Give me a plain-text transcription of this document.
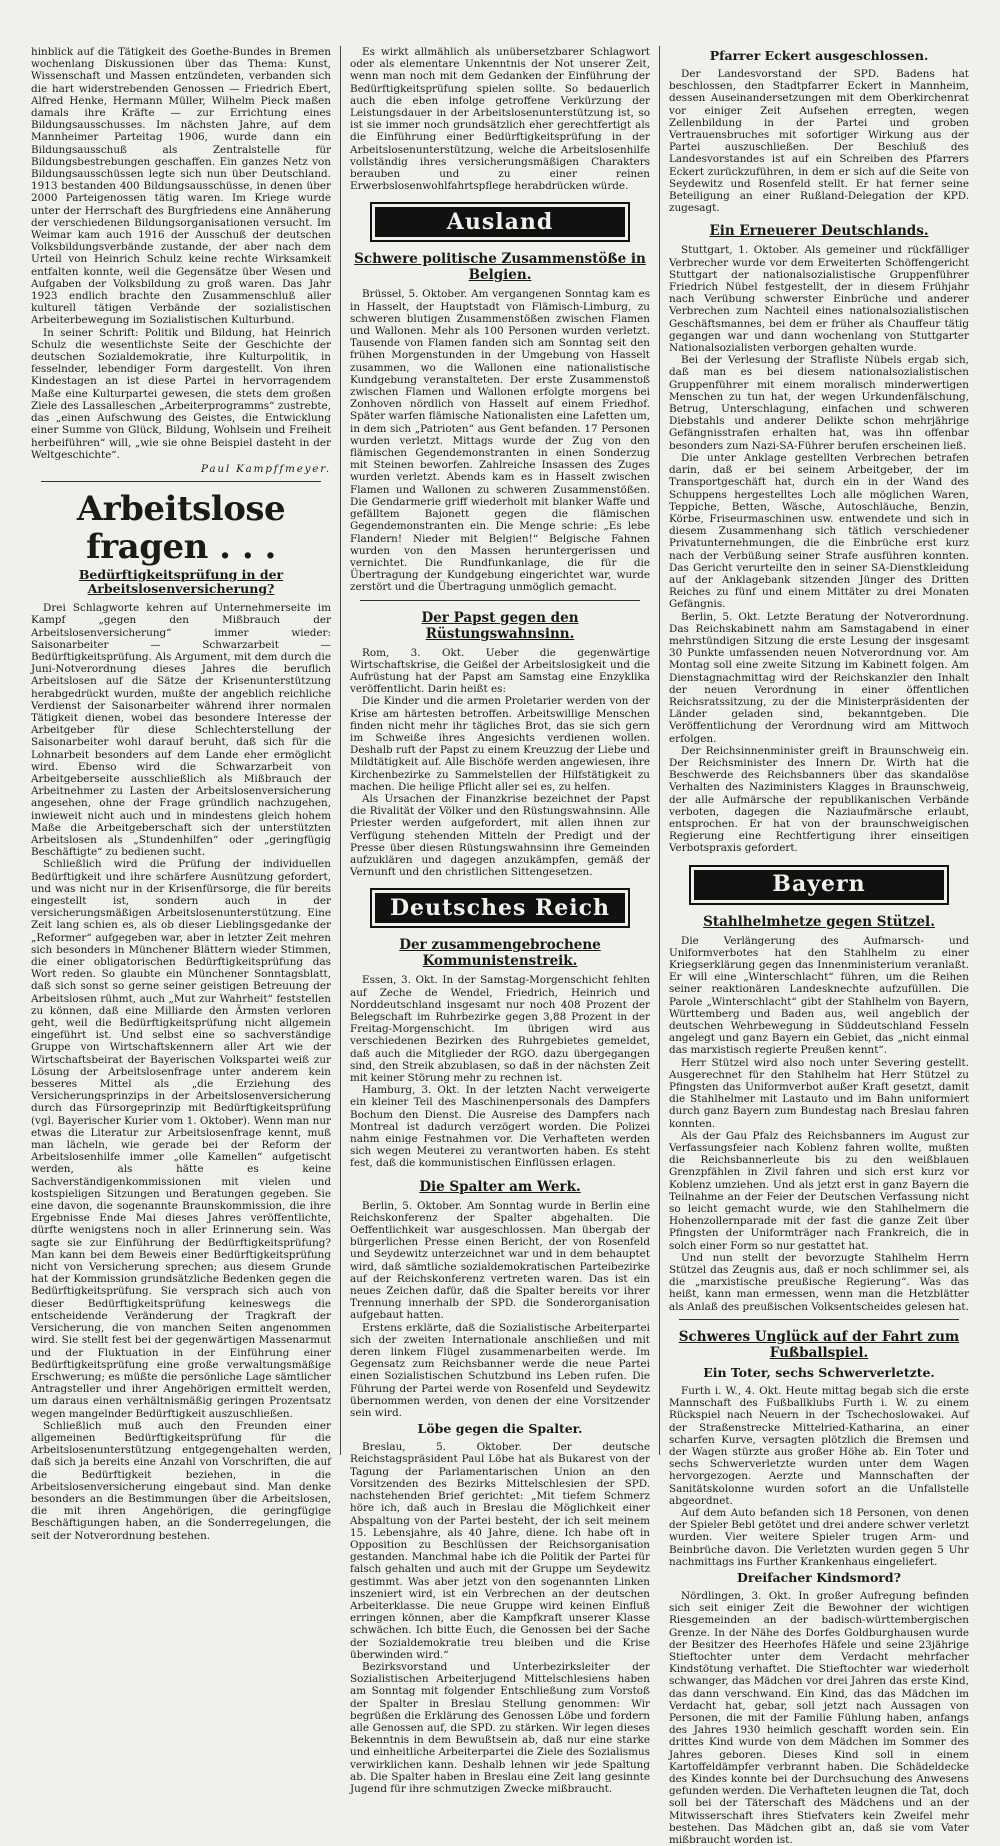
hinblick auf die Tätigkeit des Goethe-Bundes in Bremen wochenlang Diskussionen über das Thema: Kunst, Wissenschaft und Massen entzündeten, verbanden sich die hart widerstrebenden Genossen — Friedrich Ebert, Alfred Henke, Hermann Müller, Wilhelm Pieck maßen damals ihre Kräfte — zur Errichtung eines Bildungsausschusses. Im nächsten Jahre, auf dem Mannheimer Parteitag 1906, wurde dann ein Bildungsausschuß als Zentralstelle für Bildungsbestrebungen geschaffen. Ein ganzes Netz von Bildungsausschüssen legte sich nun über Deutschland. 1913 bestanden 400 Bildungsausschüsse, in denen über 2000 Parteigenossen tätig waren. Im Kriege wurde unter der Herrschaft des Burgfriedens eine Annäherung der verschiedenen Bildungsorganisationen versucht. Im Weimar kam auch 1916 der Ausschuß der deutschen Volksbildungsverbände zustande, der aber nach dem Urteil von Heinrich Schulz keine rechte Wirksamkeit entfalten konnte, weil die Gegensätze über Wesen und Aufgaben der Volksbildung zu groß waren. Das Jahr 1923 endlich brachte den Zusammenschluß aller kulturell tätigen Verbände der sozialistischen Arbeiterbewegung im Sozialistischen Kulturbund.

In seiner Schrift: Politik und Bildung, hat Heinrich Schulz die wesentlichste Seite der Geschichte der deutschen Sozialdemokratie, ihre Kulturpolitik, in fesselnder, lebendiger Form dargestellt. Von ihren Kindestagen an ist diese Partei in hervorragendem Maße eine Kulturpartei gewesen, die stets dem großen Ziele des Lassalleschen „Arbeiterprogramms“ zustrebte, das „einen Aufschwung des Geistes, die Entwicklung einer Summe von Glück, Bildung, Wohlsein und Freiheit herbeiführen“ will, „wie sie ohne Beispiel dasteht in der Weltgeschichte“.

Paul Kampffmeyer.
Arbeitslose fragen . . .
Bedürftigkeitsprüfung in der Arbeitslosenversicherung?

Drei Schlagworte kehren auf Unternehmerseite im Kampf „gegen den Mißbrauch der Arbeitslosenversicherung“ immer wieder: Saisonarbeiter — Schwarzarbeit — Bedürftigkeitsprüfung. Als Argument, mit dem durch die Juni-Notverordnung dieses Jahres die beruflich Arbeitslosen auf die Sätze der Krisenunterstützung herabgedrückt wurden, mußte der angeblich reichliche Verdienst der Saisonarbeiter während ihrer normalen Tätigkeit dienen, wobei das besondere Interesse der Arbeitgeber für diese Schlechterstellung der Saisonarbeiter wohl darauf beruht, daß sich für die Lohnarbeit besonders auf dem Lande eher ermöglicht wird. Ebenso wird die Schwarzarbeit von Arbeitgeberseite ausschließlich als Mißbrauch der Arbeitnehmer zu Lasten der Arbeitslosenversicherung angesehen, ohne der Frage gründlich nachzugehen, inwieweit nicht auch und in mindestens gleich hohem Maße die Arbeitgeberschaft sich der unterstützten Arbeitslosen als „Stundenhilfen“ oder „geringfügig Beschäftigte“ zu bedienen sucht.

Schließlich wird die Prüfung der individuellen Bedürftigkeit und ihre schärfere Ausnützung gefordert, und was nicht nur in der Krisenfürsorge, die für bereits eingestellt ist, sondern auch in der versicherungsmäßigen Arbeitslosenunterstützung. Eine Zeit lang schien es, als ob dieser Lieblingsgedanke der „Reformer“ aufgegeben war, aber in letzter Zeit mehren sich besonders in Münchener Blättern wieder Stimmen, die einer obligatorischen Bedürftigkeitsprüfung das Wort reden. So glaubte ein Münchener Sonntagsblatt, daß sich sonst so gerne seiner geistigen Betreuung der Arbeitslosen rühmt, auch „Mut zur Wahrheit“ feststellen zu können, daß eine Milliarde den Ärmsten verloren geht, weil die Bedürftigkeitsprüfung nicht allgemein eingeführt ist. Und selbst eine so sachverständige Gruppe von Wirtschaftskennern aller Art wie der Wirtschaftsbeirat der Bayerischen Volkspartei weiß zur Lösung der Arbeitslosenfrage unter anderem kein besseres Mittel als „die Erziehung des Versicherungsprinzips in der Arbeitslosenversicherung durch das Fürsorgeprinzip mit Bedürftigkeitsprüfung (vgl. Bayerischer Kurier vom 1. Oktober). Wenn man nur etwas die Literatur zur Arbeitslosenfrage kennt, muß man lächeln, wie gerade bei der Reform der Arbeitslosenhilfe immer „olle Kamellen“ aufgetischt werden, als hätte es keine Sachverständigenkommissionen mit vielen und kostspieligen Sitzungen und Beratungen gegeben. Sie eine davon, die sogenannte Braunskommission, die ihre Ergebnisse Ende Mai dieses Jahres veröffentlichte, dürfte wenigstens noch in aller Erinnerung sein. Was sagte sie zur Einführung der Bedürftigkeitsprüfung? Man kann bei dem Beweis einer Bedürftigkeitsprüfung nicht von Versicherung sprechen; aus diesem Grunde hat der Kommission grundsätzliche Bedenken gegen die Bedürftigkeitsprüfung. Sie versprach sich auch von dieser Bedürftigkeitsprüfung keineswegs die entscheidende Veränderung der Tragkraft der Versicherung, die von manchen Seiten angenommen wird. Sie stellt fest bei der gegenwärtigen Massenarmut und der Fluktuation in der Einführung einer Bedürftigkeitsprüfung eine große verwaltungsmäßige Erschwerung; es müßte die persönliche Lage sämtlicher Antragsteller und ihrer Angehörigen ermittelt werden, um daraus einen verhältnismäßig geringen Prozentsatz wegen mangelnder Bedürftigkeit auszuschließen.

Schließlich muß auch den Freunden einer allgemeinen Bedürftigkeitsprüfung für die Arbeitslosenunterstützung entgegengehalten werden, daß sich ja bereits eine Anzahl von Vorschriften, die auf die Bedürftigkeit beziehen, in die Arbeitslosenversicherung eingebaut sind. Man denke besonders an die Bestimmungen über die Arbeitslosen, die mit ihren Angehörigen, die geringfügige Beschäftigungen haben, an die Sonderregelungen, die seit der Notverordnung bestehen.

Es wirkt allmählich als unübersetzbarer Schlagwort oder als elementare Unkenntnis der Not unserer Zeit, wenn man noch mit dem Gedanken der Einführung der Bedürftigkeitsprüfung spielen sollte. So bedauerlich auch die eben infolge getroffene Verkürzung der Leistungsdauer in der Arbeitslosenunterstützung ist, so ist sie immer noch grundsätzlich eher gerechtfertigt als die Einführung einer Bedürftigkeitsprüfung in der Arbeitslosenunterstützung, welche die Arbeitslosenhilfe vollständig ihres versicherungsmäßigen Charakters berauben und zu einer reinen Erwerbslosenwohlfahrtspflege herabdrücken würde.

Ausland
Schwere politische Zusammenstöße in Belgien.

Brüssel, 5. Oktober. Am vergangenen Sonntag kam es in Hasselt, der Hauptstadt von Flämisch-Limburg, zu schweren blutigen Zusammenstößen zwischen Flamen und Wallonen. Mehr als 100 Personen wurden verletzt. Tausende von Flamen fanden sich am Sonntag seit den frühen Morgenstunden in der Umgebung von Hasselt zusammen, wo die Wallonen eine nationalistische Kundgebung veranstalteten. Der erste Zusammenstoß zwischen Flamen und Wallonen erfolgte morgens bei Zonhoven nördlich von Hasselt auf einem Friedhof. Später warfen flämische Nationalisten eine Lafetten um, in dem sich „Patrioten“ aus Gent befanden. 17 Personen wurden verletzt. Mittags wurde der Zug von den flämischen Gegendemonstranten in einen Sonderzug mit Steinen beworfen. Zahlreiche Insassen des Zuges wurden verletzt. Abends kam es in Hasselt zwischen Flamen und Wallonen zu schweren Zusammenstößen. Die Gendarmerie griff wiederholt mit blanker Waffe und gefälltem Bajonett gegen die flämischen Gegendemonstranten ein. Die Menge schrie: „Es lebe Flandern! Nieder mit Belgien!“ Belgische Fahnen wurden von den Massen heruntergerissen und vernichtet. Die Rundfunkanlage, die für die Übertragung der Kundgebung eingerichtet war, wurde zerstört und die Übertragung unmöglich gemacht.

Der Papst gegen den Rüstungswahnsinn.

Rom, 3. Okt. Ueber die gegenwärtige Wirtschaftskrise, die Geißel der Arbeitslosigkeit und die Aufrüstung hat der Papst am Samstag eine Enzyklika veröffentlicht. Darin heißt es:

Die Kinder und die armen Proletarier werden von der Krise am härtesten betroffen. Arbeitswillige Menschen finden nicht mehr ihr tägliches Brot, das sie sich gern im Schweiße ihres Angesichts verdienen wollen. Deshalb ruft der Papst zu einem Kreuzzug der Liebe und Mildtätigkeit auf. Alle Bischöfe werden angewiesen, ihre Kirchenbezirke zu Sammelstellen der Hilfstätigkeit zu machen. Die heilige Pflicht aller sei es, zu helfen.

Als Ursachen der Finanzkrise bezeichnet der Papst die Rivalität der Völker und den Rüstungswahnsinn. Alle Priester werden aufgefordert, mit allen ihnen zur Verfügung stehenden Mitteln der Predigt und der Presse über diesen Rüstungswahnsinn ihre Gemeinden aufzuklären und dagegen anzukämpfen, gemäß der Vernunft und den christlichen Sittengesetzen.

Deutsches Reich
Der zusammengebrochene Kommunistenstreik.

Essen, 3. Okt. In der Samstag-Morgenschicht fehlten auf Zeche de Wendel, Friedrich, Heinrich und Norddeutschland insgesamt nur noch 408 Prozent der Belegschaft im Ruhrbezirke gegen 3,88 Prozent in der Freitag-Morgenschicht. Im übrigen wird aus verschiedenen Bezirken des Ruhrgebietes gemeldet, daß auch die Mitglieder der RGO. dazu übergegangen sind, den Streik abzublasen, so daß in der nächsten Zeit mit keiner Störung mehr zu rechnen ist.

Hamburg, 3. Okt. In der letzten Nacht verweigerte ein kleiner Teil des Maschinenpersonals des Dampfers Bochum den Dienst. Die Ausreise des Dampfers nach Montreal ist dadurch verzögert worden. Die Polizei nahm einige Festnahmen vor. Die Verhafteten werden sich wegen Meuterei zu verantworten haben. Es steht fest, daß die kommunistischen Einflüssen erlagen.

Die Spalter am Werk.

Berlin, 5. Oktober. Am Sonntag wurde in Berlin eine Reichskonferenz der Spalter abgehalten. Die Oeffentlichkeit war ausgeschlossen. Man übergab der bürgerlichen Presse einen Bericht, der von Rosenfeld und Seydewitz unterzeichnet war und in dem behauptet wird, daß sämtliche sozialdemokratischen Parteibezirke auf der Reichskonferenz vertreten waren. Das ist ein neues Zeichen dafür, daß die Spalter bereits vor ihrer Trennung innerhalb der SPD. die Sonderorganisation aufgebaut hatten.

Erstens erklärte, daß die Sozialistische Arbeiterpartei sich der zweiten Internationale anschließen und mit deren linkem Flügel zusammenarbeiten werde. Im Gegensatz zum Reichsbanner werde die neue Partei einen Sozialistischen Schutzbund ins Leben rufen. Die Führung der Partei werde von Rosenfeld und Seydewitz übernommen werden, von denen der eine Vorsitzender sein wird.

Löbe gegen die Spalter.

Breslau, 5. Oktober. Der deutsche Reichstagspräsident Paul Löbe hat als Bukarest von der Tagung der Parlamentarischen Union an den Vorsitzenden des Bezirks Mittelschlesien der SPD. nachstehenden Brief gerichtet: „Mit tiefem Schmerz höre ich, daß auch in Breslau die Möglichkeit einer Abspaltung von der Partei besteht, der ich seit meinem 15. Lebensjahre, als 40 Jahre, diene. Ich habe oft in Opposition zu Beschlüssen der Reichsorganisation gestanden. Manchmal habe ich die Politik der Partei für falsch gehalten und auch mit der Gruppe um Seydewitz gestimmt. Was aber jetzt von den sogenannten Linken inszeniert wird, ist ein Verbrechen an der deutschen Arbeiterklasse. Die neue Gruppe wird keinen Einfluß erringen können, aber die Kampfkraft unserer Klasse schwächen. Ich bitte Euch, die Genossen bei der Sache der Sozialdemokratie treu bleiben und die Krise überwinden wird.“

Bezirksvorstand und Unterbezirksleiter der Sozialistischen Arbeiterjugend Mittelschlesiens haben am Sonntag mit folgender Entschließung zum Vorstoß der Spalter in Breslau Stellung genommen: Wir begrüßen die Erklärung des Genossen Löbe und fordern alle Genossen auf, die SPD. zu stärken. Wir legen dieses Bekenntnis in dem Bewußtsein ab, daß nur eine starke und einheitliche Arbeiterpartei die Ziele des Sozialismus verwirklichen kann. Deshalb lehnen wir jede Spaltung ab. Die Spalter haben in Breslau eine Zeit lang gesinnte Jugend für ihre schmutzigen Zwecke mißbraucht.

Pfarrer Eckert ausgeschlossen.

Der Landesvorstand der SPD. Badens hat beschlossen, den Stadtpfarrer Eckert in Mannheim, dessen Auseinandersetzungen mit dem Oberkirchenrat vor einiger Zeit Aufsehen erregten, wegen Zellenbildung in der Partei und groben Vertrauensbruches mit sofortiger Wirkung aus der Partei auszuschließen. Der Beschluß des Landesvorstandes ist auf ein Schreiben des Pfarrers Eckert zurückzuführen, in dem er sich auf die Seite von Seydewitz und Rosenfeld stellt. Er hat ferner seine Beteiligung an einer Rußland-Delegation der KPD. zugesagt.

Ein Erneuerer Deutschlands.

Stuttgart, 1. Oktober. Als gemeiner und rückfälliger Verbrecher wurde vor dem Erweiterten Schöffengericht Stuttgart der nationalsozialistische Gruppenführer Friedrich Nübel festgestellt, der in diesem Frühjahr nach Verübung schwerster Einbrüche und anderer Verbrechen zum Nachteil eines nationalsozialistischen Geschäftsmannes, bei dem er früher als Chauffeur tätig gegangen war und dann wochenlang von Stuttgarter Nationalsozialisten verborgen gehalten wurde.

Bei der Verlesung der Strafliste Nübels ergab sich, daß man es bei diesem nationalsozialistischen Gruppenführer mit einem moralisch minderwertigen Menschen zu tun hat, der wegen Urkundenfälschung, Betrug, Unterschlagung, einfachen und schweren Diebstahls und anderer Delikte schon mehrjährige Gefängnisstrafen erhalten hat, was ihn offenbar besonders zum Nazi-SA-Führer berufen erscheinen ließ.

Die unter Anklage gestellten Verbrechen betrafen darin, daß er bei seinem Arbeitgeber, der im Transportgeschäft hat, durch ein in der Wand des Schuppens hergestelltes Loch alle möglichen Waren, Teppiche, Betten, Wäsche, Autoschläuche, Benzin, Körbe, Friseurmaschinen usw. entwendete und sich in diesem Zusammenhang sich tätlich verschiedener Privatunternehmungen, die die Einbrüche erst kurz nach der Verbüßung seiner Strafe ausführen konnten. Das Gericht verurteilte den in seiner SA-Dienstkleidung auf der Anklagebank sitzenden Jünger des Dritten Reiches zu fünf und einem Mittäter zu drei Monaten Gefängnis.

Berlin, 5. Okt. Letzte Beratung der Notverordnung. Das Reichskabinett nahm am Samstagabend in einer mehrstündigen Sitzung die erste Lesung der insgesamt 30 Punkte umfassenden neuen Notverordnung vor. Am Montag soll eine zweite Sitzung im Kabinett folgen. Am Dienstagnachmittag wird der Reichskanzler den Inhalt der neuen Verordnung in einer öffentlichen Reichsratssitzung, zu der die Ministerpräsidenten der Länder geladen sind, bekanntgeben. Die Veröffentlichung der Verordnung wird am Mittwoch erfolgen.

Der Reichsinnenminister greift in Braunschweig ein. Der Reichsminister des Innern Dr. Wirth hat die Beschwerde des Reichsbanners über das skandalöse Verhalten des Naziministers Klagges in Braunschweig, der alle Aufmärsche der republikanischen Verbände verboten, dagegen die Naziaufmärsche erlaubt, entsprochen. Er hat von der braunschweigischen Regierung eine Rechtfertigung ihrer einseitigen Verbotspraxis gefordert.

Bayern
Stahlhelmhetze gegen Stützel.

Die Verlängerung des Aufmarsch- und Uniformverbotes hat den Stahlhelm zu einer Kriegserklärung gegen das Innenministerium veranlaßt. Er will eine „Winterschlacht“ führen, um die Reihen seiner reaktionären Landesknechte aufzufüllen. Die Parole „Winterschlacht“ gibt der Stahlhelm von Bayern, Württemberg und Baden aus, weil angeblich der deutschen Wehrbewegung in Süddeutschland Fesseln angelegt und ganz Bayern ein Gebiet, das „nicht einmal das marxistisch regierte Preußen kennt“.

Herr Stützel wird also noch unter Severing gestellt. Ausgerechnet für den Stahlhelm hat Herr Stützel zu Pfingsten das Uniformverbot außer Kraft gesetzt, damit die Stahlhelmer mit Lastauto und im Bahn uniformiert durch ganz Bayern zum Bundestag nach Breslau fahren konnten.

Als der Gau Pfalz des Reichsbanners im August zur Verfassungsfeier nach Koblenz fahren wollte, mußten die Reichsbannerleute bis zu den weißblauen Grenzpfählen in Zivil fahren und sich erst kurz vor Koblenz umziehen. Und als jetzt erst in ganz Bayern die Teilnahme an der Feier der Deutschen Verfassung nicht so leicht gemacht wurde, wie den Stahlhelmern die Hohenzollernparade mit der fast die ganze Zeit über Pfingsten der Uniformträger nach Frankreich, die in solch einer Form so nur gestattet hat.

Und nun stellt der bevorzugte Stahlhelm Herrn Stützel das Zeugnis aus, daß er noch schlimmer sei, als die „marxistische preußische Regierung“. Was das heißt, kann man ermessen, wenn man die Hetzblätter als Anlaß des preußischen Volksentscheides gelesen hat.

Schweres Unglück auf der Fahrt zum Fußballspiel.
Ein Toter, sechs Schwerverletzte.

Furth i. W., 4. Okt. Heute mittag begab sich die erste Mannschaft des Fußballklubs Furth i. W. zu einem Rückspiel nach Neuern in der Tschechoslowakei. Auf der Straßenstrecke Mittelried-Katharina, an einer scharfen Kurve, versagten plötzlich die Bremsen und der Wagen stürzte aus großer Höhe ab. Ein Toter und sechs Schwerverletzte wurden unter dem Wagen hervorgezogen. Aerzte und Mannschaften der Sanitätskolonne wurden sofort an die Unfallstelle abgeordnet.

Auf dem Auto befanden sich 18 Personen, von denen der Spieler Bebl getötet und drei andere schwer verletzt wurden. Vier weitere Spieler trugen Arm- und Beinbrüche davon. Die Verletzten wurden gegen 5 Uhr nachmittags ins Further Krankenhaus eingeliefert.

Dreifacher Kindsmord?

Nördlingen, 3. Okt. In großer Aufregung befinden sich seit einiger Zeit die Bewohner der wichtigen Riesgemeinden an der badisch-württembergischen Grenze. In der Nähe des Dorfes Goldburghausen wurde der Besitzer des Heerhofes Häfele und seine 23jährige Stieftochter unter dem Verdacht mehrfacher Kindstötung verhaftet. Die Stieftochter war wiederholt schwanger, das Mädchen vor drei Jahren das erste Kind, das dann verschwand. Ein Kind, das das Mädchen im Verdacht hat, gebar, soll jetzt nach Aussagen von Personen, die mit der Familie Fühlung haben, anfangs des Jahres 1930 heimlich geschafft worden sein. Ein drittes Kind wurde von dem Mädchen im Sommer des Jahres geboren. Dieses Kind soll in einem Kartoffeldämpfer verbrannt haben. Die Schädeldecke des Kindes konnte bei der Durchsuchung des Anwesens gefunden werden. Die Verhafteten leugnen die Tat, doch soll bei der Täterschaft des Mädchens und an der Mitwisserschaft ihres Stiefvaters kein Zweifel mehr bestehen. Das Mädchen gibt an, daß sie vom Vater mißbraucht worden ist.
